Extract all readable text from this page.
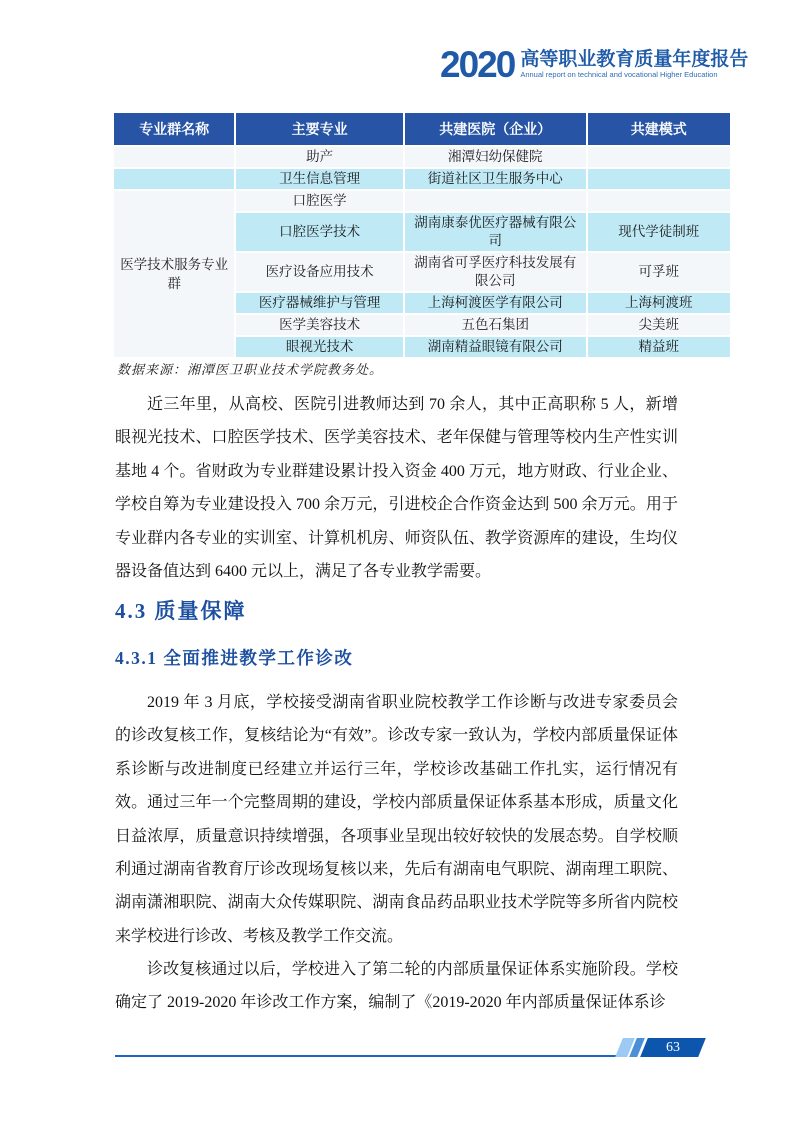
2020 高等职业教育质量年度报告
Annual report on technical and vocational Higher Education
专业群名称	主要专业	共建医院（企业）	共建模式
	助产	湘潭妇幼保健院	
	卫生信息管理	街道社区卫生服务中心	
医学技术服务专业群	口腔医学		
	口腔医学技术	湖南康泰优医疗器械有限公司	现代学徒制班
	医疗设备应用技术	湖南省可孚医疗科技发展有限公司	可孚班
	医疗器械维护与管理	上海柯渡医学有限公司	上海柯渡班
	医学美容技术	五色石集团	尖美班
	眼视光技术	湖南精益眼镜有限公司	精益班
数据来源：湘潭医卫职业技术学院教务处。
近三年里，从高校、医院引进教师达到 70 余人，其中正高职称 5 人，新增眼视光技术、口腔医学技术、医学美容技术、老年保健与管理等校内生产性实训基地 4 个。省财政为专业群建设累计投入资金 400 万元，地方财政、行业企业、学校自筹为专业建设投入 700 余万元，引进校企合作资金达到 500 余万元。用于专业群内各专业的实训室、计算机机房、师资队伍、教学资源库的建设，生均仪器设备值达到 6400 元以上，满足了各专业教学需要。
4.3 质量保障
4.3.1 全面推进教学工作诊改
2019 年 3 月底，学校接受湖南省职业院校教学工作诊断与改进专家委员会的诊改复核工作，复核结论为“有效”。诊改专家一致认为，学校内部质量保证体系诊断与改进制度已经建立并运行三年，学校诊改基础工作扎实，运行情况有效。通过三年一个完整周期的建设，学校内部质量保证体系基本形成，质量文化日益浓厚，质量意识持续增强，各项事业呈现出较好较快的发展态势。自学校顺利通过湖南省教育厅诊改现场复核以来，先后有湖南电气职院、湖南理工职院、湖南潇湘职院、湖南大众传媒职院、湖南食品药品职业技术学院等多所省内院校来学校进行诊改、考核及教学工作交流。
诊改复核通过以后，学校进入了第二轮的内部质量保证体系实施阶段。学校确定了 2019-2020 年诊改工作方案，编制了《2019-2020 年内部质量保证体系诊
63
